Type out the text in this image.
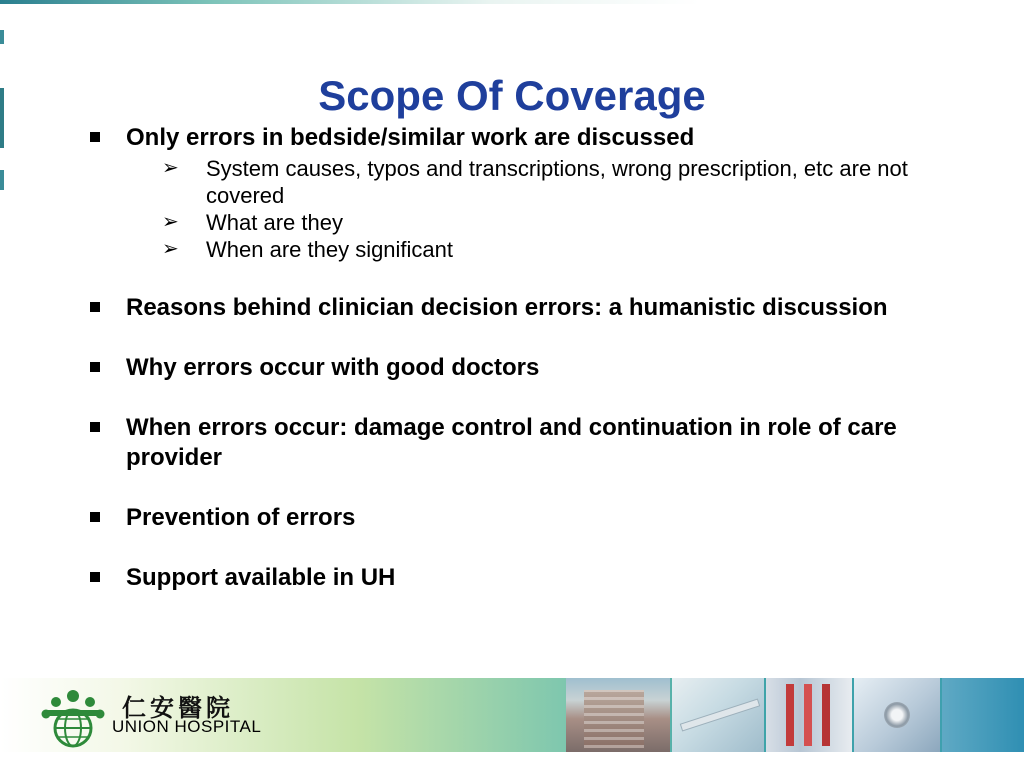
Scope Of Coverage
Only errors in bedside/similar work are discussed
➢ System causes, typos and transcriptions, wrong prescription, etc are not covered
➢ What are they
➢ When are they significant
Reasons behind clinician decision errors: a humanistic discussion
Why errors occur with good doctors
When errors occur: damage control and continuation in role of care provider
Prevention of errors
Support available in UH
仁安醫院
UNION HOSPITAL
